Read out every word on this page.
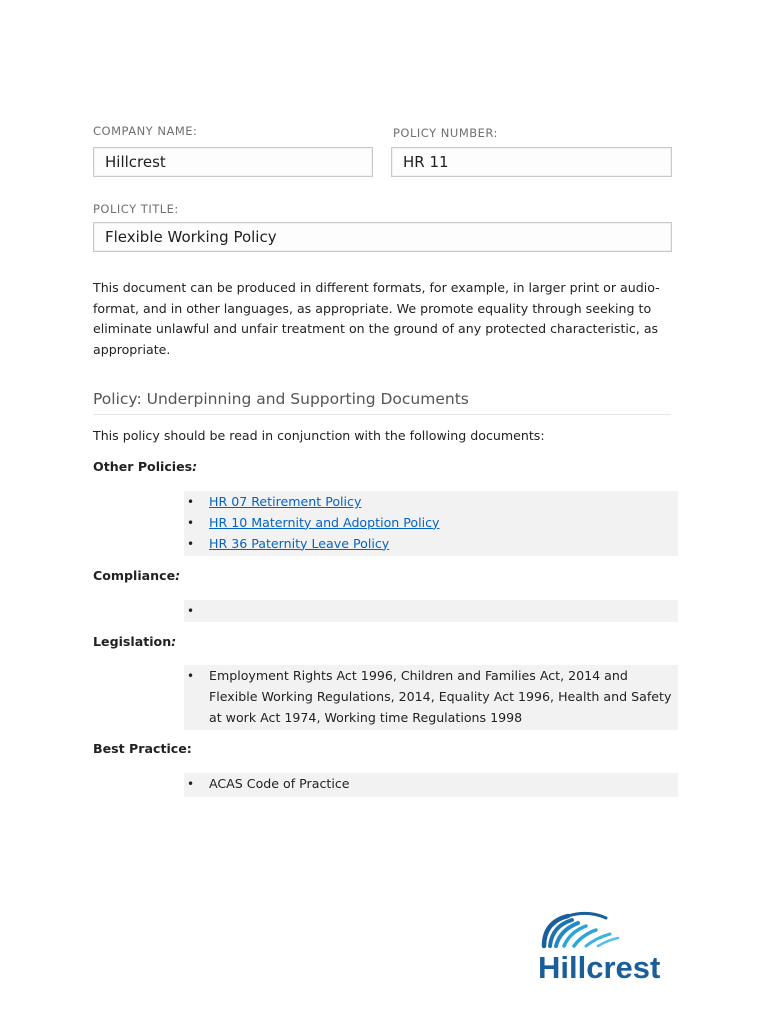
COMPANY NAME:
Hillcrest
POLICY NUMBER:
HR 11
POLICY TITLE:
Flexible Working Policy
This document can be produced in different formats, for example, in larger print or audio-format, and in other languages, as appropriate. We promote equality through seeking to eliminate unlawful and unfair treatment on the ground of any protected characteristic, as appropriate.
Policy: Underpinning and Supporting Documents
This policy should be read in conjunction with the following documents:
Other Policies:
• HR 07 Retirement Policy
• HR 10 Maternity and Adoption Policy
• HR 36 Paternity Leave Policy
Compliance:
•
Legislation:
• Employment Rights Act 1996, Children and Families Act, 2014 and Flexible Working Regulations, 2014, Equality Act 1996, Health and Safety at work Act 1974, Working time Regulations 1998
Best Practice:
• ACAS Code of Practice
Hillcrest
